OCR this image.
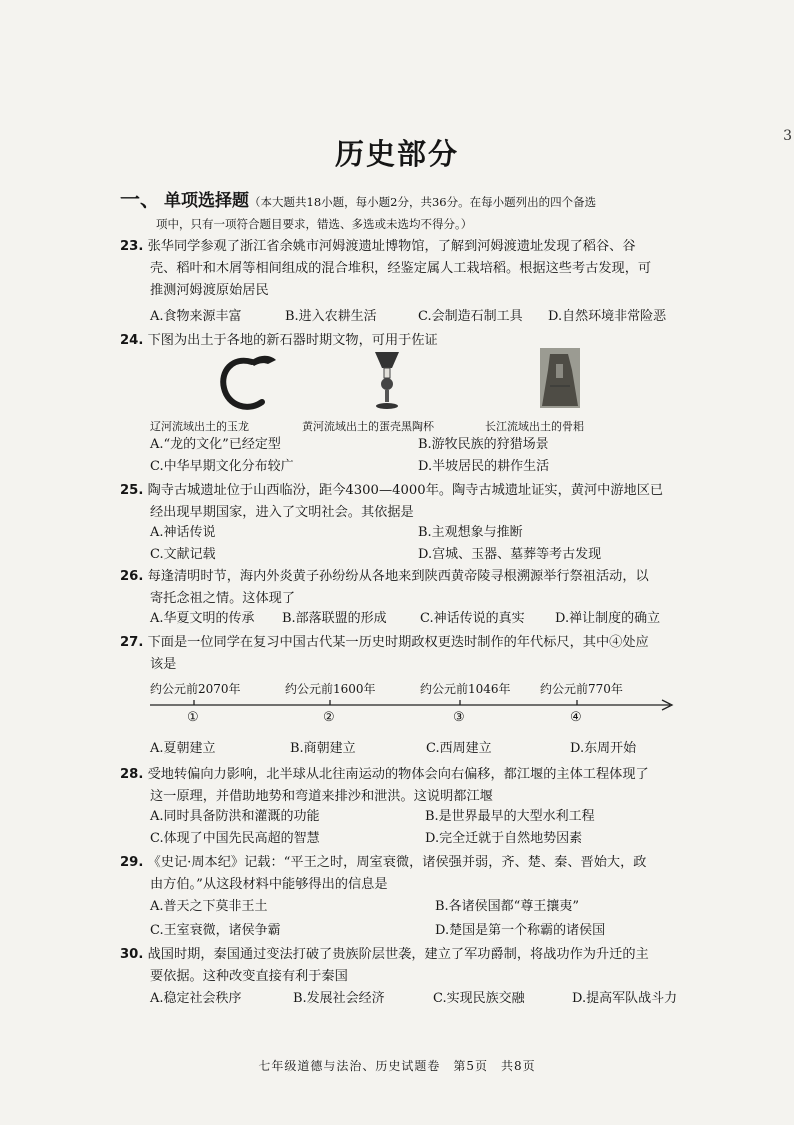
3
历史部分
一、 单项选择题（本大题共18小题，每小题2分，共36分。在每小题列出的四个备选
项中，只有一项符合题目要求，错选、多选或未选均不得分。）
23. 张华同学参观了浙江省余姚市河姆渡遗址博物馆，了解到河姆渡遗址发现了稻谷、谷
壳、稻叶和木屑等相间组成的混合堆积，经鉴定属人工栽培稻。根据这些考古发现，可
推测河姆渡原始居民
A.食物来源丰富	B.进入农耕生活	C.会制造石制工具 D.自然环境非常险恶
24. 下图为出土于各地的新石器时期文物，可用于佐证
辽河流域出土的玉龙	黄河流域出土的蛋壳黑陶杯	长江流域出土的骨耜
A.“龙的文化”已经定型	B.游牧民族的狩猎场景
C.中华早期文化分布较广	D.半坡居民的耕作生活
25. 陶寺古城遗址位于山西临汾，距今4300—4000年。陶寺古城遗址证实，黄河中游地区已
经出现早期国家，进入了文明社会。其依据是
A.神话传说	B.主观想象与推断
C.文献记载	D.宫城、玉器、墓葬等考古发现
26. 每逢清明时节，海内外炎黄子孙纷纷从各地来到陕西黄帝陵寻根溯源举行祭祖活动，以
寄托念祖之情。这体现了
A.华夏文明的传承 B.部落联盟的形成	C.神话传说的真实 D.禅让制度的确立
27. 下面是一位同学在复习中国古代某一历史时期政权更迭时制作的年代标尺，其中④处应
该是
约公元前2070年	约公元前1600年	约公元前1046年 约公元前770年
①	②	③	④
A.夏朝建立	B.商朝建立	C.西周建立	D.东周开始
28. 受地转偏向力影响，北半球从北往南运动的物体会向右偏移，都江堰的主体工程体现了
这一原理，并借助地势和弯道来排沙和泄洪。这说明都江堰
A.同时具备防洪和灌溉的功能	B.是世界最早的大型水利工程
C.体现了中国先民高超的智慧	D.完全迁就于自然地势因素
29. 《史记·周本纪》记载：“平王之时，周室衰微，诸侯强并弱，齐、楚、秦、晋始大，政
由方伯。”从这段材料中能够得出的信息是
A.普天之下莫非王土	B.各诸侯国都“尊王攘夷”
C.王室衰微，诸侯争霸	D.楚国是第一个称霸的诸侯国
30. 战国时期，秦国通过变法打破了贵族阶层世袭，建立了军功爵制，将战功作为升迁的主
要依据。这种改变直接有利于秦国
A.稳定社会秩序	B.发展社会经济	C.实现民族交融	D.提高军队战斗力
七年级道德与法治、历史试题卷　第5页　共8页
